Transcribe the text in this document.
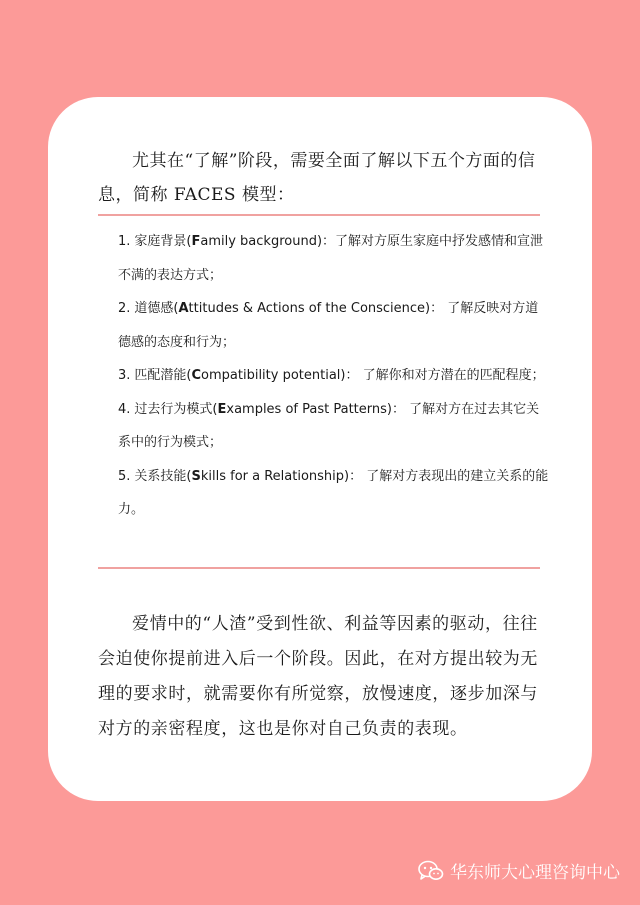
尤其在“了解”阶段，需要全面了解以下五个方面的信息，简称 FACES 模型：

1. 家庭背景(Family background)：了解对方原生家庭中抒发感情和宣泄不满的表达方式；
2. 道德感(Attitudes & Actions of the Conscience)： 了解反映对方道德感的态度和行为；
3. 匹配潜能(Compatibility potential)： 了解你和对方潜在的匹配程度；
4. 过去行为模式(Examples of Past Patterns)： 了解对方在过去其它关系中的行为模式；
5. 关系技能(Skills for a Relationship)： 了解对方表现出的建立关系的能力。

爱情中的“人渣”受到性欲、利益等因素的驱动，往往会迫使你提前进入后一个阶段。因此，在对方提出较为无理的要求时，就需要你有所觉察，放慢速度，逐步加深与对方的亲密程度，这也是你对自己负责的表现。

华东师大心理咨询中心
